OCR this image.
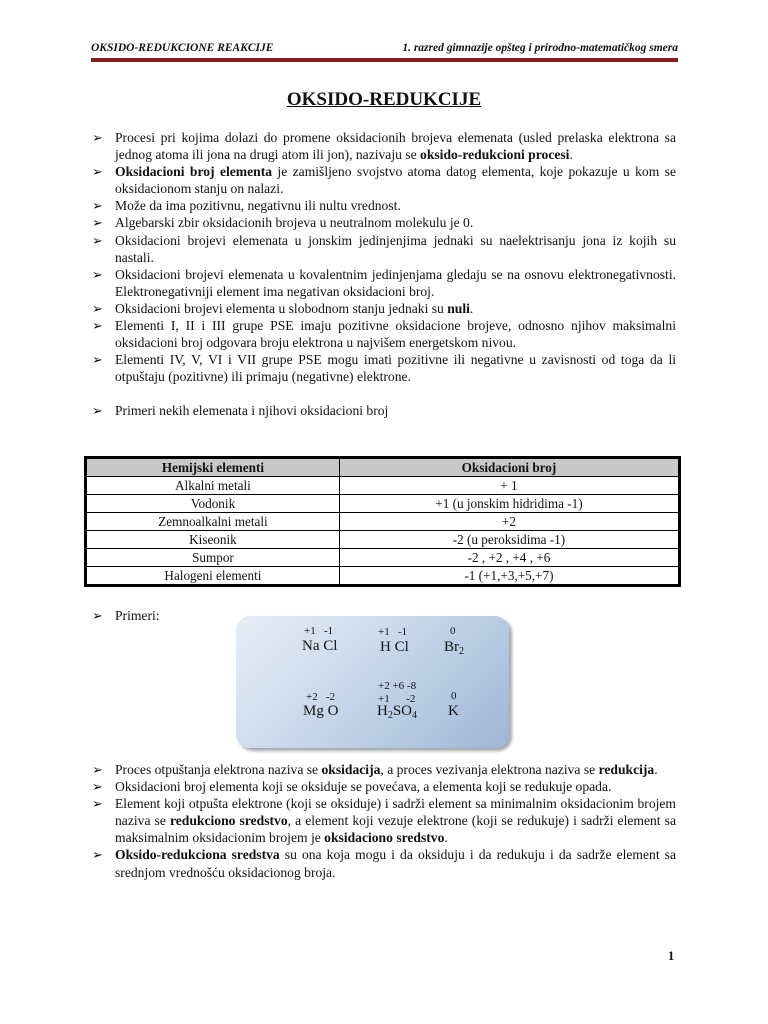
OKSIDO-REDUKCIONE REAKCIJE	1. razred gimnazije opšteg i prirodno-matematičkog smera
OKSIDO-REDUKCIJE
➢ Procesi pri kojima dolazi do promene oksidacionih brojeva elemenata (usled prelaska elektrona sa jednog atoma ili jona na drugi atom ili jon), nazivaju se oksido-redukcioni procesi.
➢ Oksidacioni broj elementa je zamišljeno svojstvo atoma datog elementa, koje pokazuje u kom se oksidacionom stanju on nalazi.
➢ Može da ima pozitivnu, negativnu ili nultu vrednost.
➢ Algebarski zbir oksidacionih brojeva u neutralnom molekulu je 0.
➢ Oksidacioni brojevi elemenata u jonskim jedinjenjima jednaki su naelektrisanju jona iz kojih su nastali.
➢ Oksidacioni brojevi elemenata u kovalentnim jedinjenjama gledaju se na osnovu elektronegativnosti. Elektronegativniji element ima negativan oksidacioni broj.
➢ Oksidacioni brojevi elementa u slobodnom stanju jednaki su nuli.
➢ Elementi I, II i III grupe PSE imaju pozitivne oksidacione brojeve, odnosno njihov maksimalni oksidacioni broj odgovara broju elektrona u najvišem energetskom nivou.
➢ Elementi IV, V, VI i VII grupe PSE mogu imati pozitivne ili negativne u zavisnosti od toga da li otpuštaju (pozitivne) ili primaju (negativne) elektrone.
➢ Primeri nekih elemenata i njihovi oksidacioni broj
Hemijski elementi	Oksidacioni broj
Alkalni metali	+ 1
Vodonik	+1 (u jonskim hidridima -1)
Zemnoalkalni metali	+2
Kiseonik	-2 (u peroksidima -1)
Sumpor	-2 , +2 , +4 , +6
Halogeni elementi	-1 (+1,+3,+5,+7)
➢ Primeri:
+1   -1
Na Cl
+1   -1
H Cl
0
$Br_2$
+2 +6 -8
+1      -2
+2   -2
Mg O	$H_2SO_4$
0
K
➢ Proces otpuštanja elektrona naziva se oksidacija, a proces vezivanja elektrona naziva se redukcija.
➢ Oksidacioni broj elementa koji se oksiduje se povećava, a elementa koji se redukuje opada.
➢ Element koji otpušta elektrone (koji se oksiduje) i sadrži element sa minimalnim oksidacionim brojem naziva se redukciono sredstvo, a element koji vezuje elektrone (koji se redukuje) i sadrži element sa maksimalnim oksidacionim brojem je oksidaciono sredstvo.
➢ Oksido-redukciona sredstva su ona koja mogu i da oksiduju i da redukuju i da sadrže element sa srednjom vrednošću oksidacionog broja.
1
